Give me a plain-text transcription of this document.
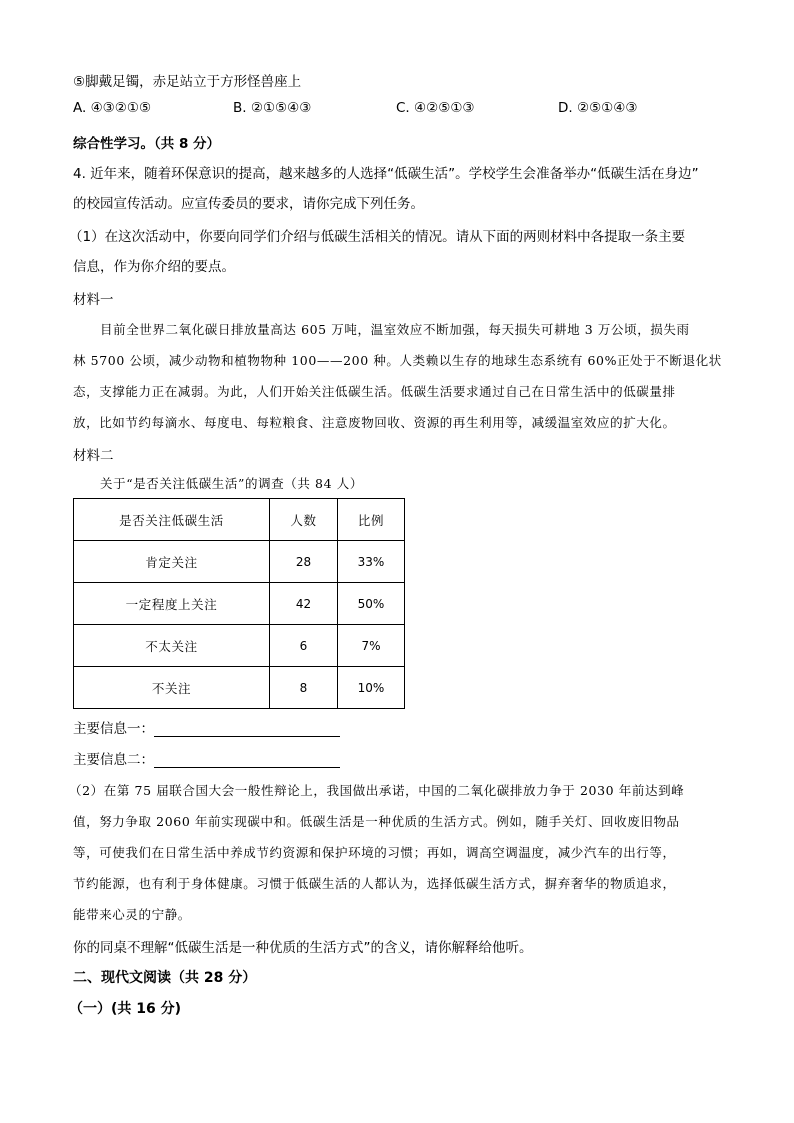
⑤脚戴足镯，赤足站立于方形怪兽座上
A. ④③②①⑤	B. ②①⑤④③	C. ④②⑤①③	D. ②⑤①④③
综合性学习。（共 8 分）
4. 近年来，随着环保意识的提高，越来越多的人选择“低碳生活”。学校学生会准备举办“低碳生活在身边”
的校园宣传活动。应宣传委员的要求，请你完成下列任务。
（1）在这次活动中，你要向同学们介绍与低碳生活相关的情况。请从下面的两则材料中各提取一条主要
信息，作为你介绍的要点。
材料一
目前全世界二氧化碳日排放量高达 605 万吨，温室效应不断加强，每天损失可耕地 3 万公顷，损失雨
林 5700 公顷，减少动物和植物物种 100——200 种。人类赖以生存的地球生态系统有 60%正处于不断退化状
态，支撑能力正在减弱。为此，人们开始关注低碳生活。低碳生活要求通过自己在日常生活中的低碳量排
放，比如节约每滴水、每度电、每粒粮食、注意废物回收、资源的再生利用等，减缓温室效应的扩大化。
材料二
关于“是否关注低碳生活”的调查（共 84 人）
是否关注低碳生活	人数	比例
肯定关注	28	33%
一定程度上关注	42	50%
不太关注	6	7%
不关注	8	10%
主要信息一：
主要信息二：
（2）在第 75 届联合国大会一般性辩论上，我国做出承诺，中国的二氧化碳排放力争于 2030 年前达到峰
值，努力争取 2060 年前实现碳中和。低碳生活是一种优质的生活方式。例如，随手关灯、回收废旧物品
等，可使我们在日常生活中养成节约资源和保护环境的习惯；再如，调高空调温度，减少汽车的出行等，
节约能源，也有利于身体健康。习惯于低碳生活的人都认为，选择低碳生活方式，摒弃奢华的物质追求，
能带来心灵的宁静。
你的同桌不理解“低碳生活是一种优质的生活方式”的含义，请你解释给他听。
二、现代文阅读（共 28 分）
（一）(共 16 分)
